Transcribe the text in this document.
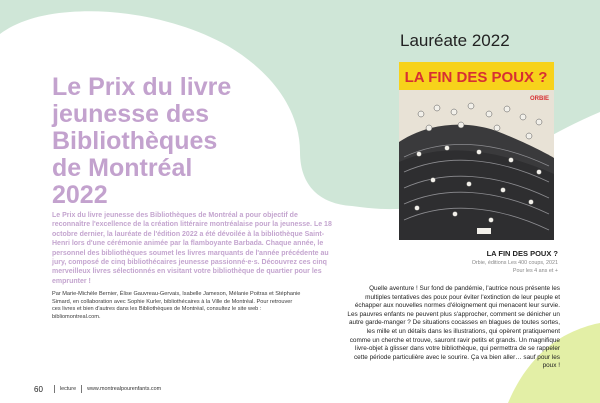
Le Prix du livre
jeunesse des
Bibliothèques
de Montréal
2022

Le Prix du livre jeunesse des Bibliothèques de Montréal a pour objectif de reconnaître l'excellence de la création littéraire montréalaise pour la jeunesse. Le 18 octobre dernier, la lauréate de l'édition 2022 a été dévoilée à la bibliothèque Saint-Henri lors d'une cérémonie animée par la flamboyante Barbada. Chaque année, le personnel des bibliothèques soumet les livres marquants de l'année précédente au jury, composé de cinq bibliothécaires jeunesse passionné·e·s. Découvrez ces cinq merveilleux livres sélectionnés en visitant votre bibliothèque de quartier pour les emprunter !

Par Marie-Michèle Bernier, Élise Gauvreau-Gervais, Isabelle Jameson, Mélanie Poitras et Stéphanie Simard, en collaboration avec Sophie Kurler, bibliothécaires à la Ville de Montréal. Pour retrouver ces livres et bien d'autres dans les Bibliothèques de Montréal, consultez le site web : bibliomontreal.com.

Lauréate 2022
LA FIN DES POUX ?
ORBIE
LA FIN DES POUX ?
Orbie, éditions Les 400 coups, 2021
Pour les 4 ans et +

Quelle aventure ! Sur fond de pandémie, l'autrice nous présente les multiples tentatives des poux pour éviter l'extinction de leur peuple et échapper aux nouvelles normes d'éloignement qui menacent leur survie. Les pauvres enfants ne peuvent plus s'approcher, comment se dénicher un autre garde-manger ? De situations cocasses en blagues de toutes sortes, les mille et un détails dans les illustrations, qui opèrent pratiquement comme un cherche et trouve, sauront ravir petits et grands. Un magnifique livre-objet à glisser dans votre bibliothèque, qui permettra de se rappeler cette période particulière avec le sourire. Ça va bien aller… sauf pour les poux !

60	lecture www.montrealpourenfants.com
